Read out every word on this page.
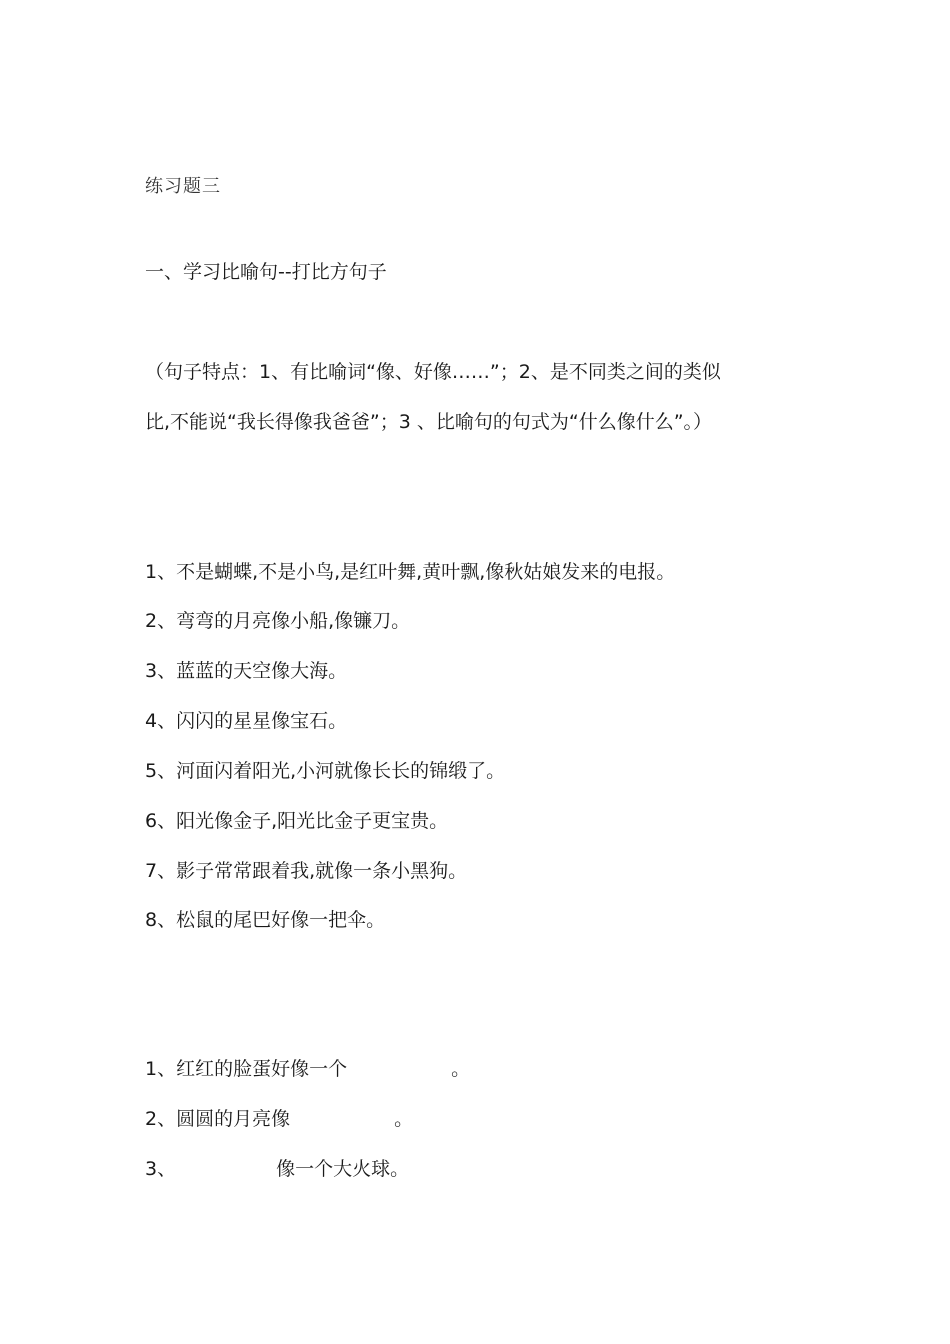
练习题三
一、学习比喻句--打比方句子
（句子特点：1、有比喻词“像、好像……”；2、是不同类之间的类似
比,不能说“我长得像我爸爸”；3 、比喻句的句式为“什么像什么”。）
1、不是蝴蝶,不是小鸟,是红叶舞,黄叶飘,像秋姑娘发来的电报。
2、弯弯的月亮像小船,像镰刀。
3、蓝蓝的天空像大海。
4、闪闪的星星像宝石。
5、河面闪着阳光,小河就像长长的锦缎了。
6、阳光像金子,阳光比金子更宝贵。
7、影子常常跟着我,就像一条小黑狗。
8、松鼠的尾巴好像一把伞。
1、红红的脸蛋好像一个	。
2、圆圆的月亮像	。
3、	像一个大火球。
